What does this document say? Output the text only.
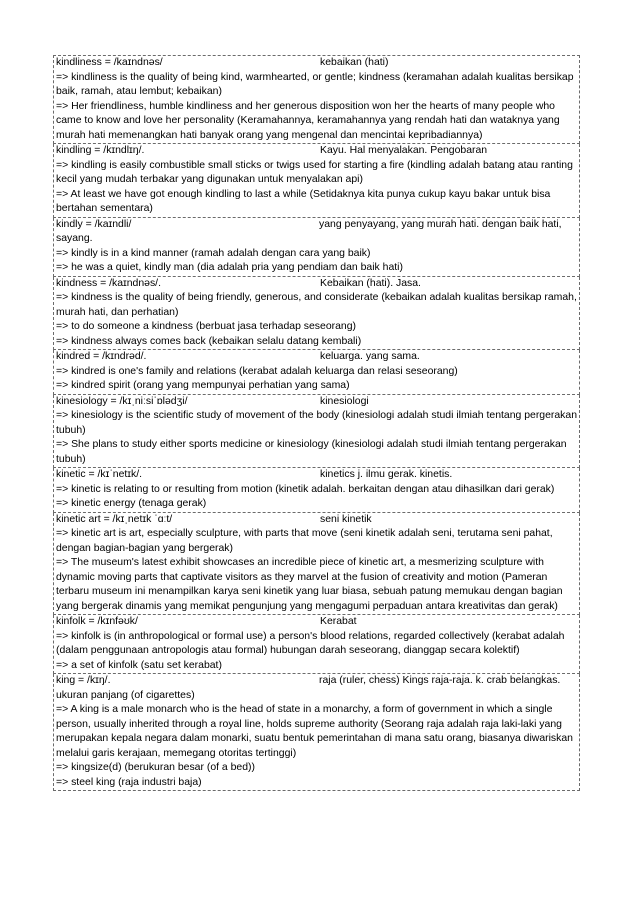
kindliness = /kaɪndnəs/	kebaikan (hati)
=> kindliness is the quality of being kind, warmhearted, or gentle; kindness (keramahan adalah kualitas bersikap baik, ramah, atau lembut; kebaikan)
=> Her friendliness, humble kindliness and her generous disposition won her the hearts of many people who came to know and love her personality (Keramahannya, keramahannya yang rendah hati dan wataknya yang murah hati memenangkan hati banyak orang yang mengenal dan mencintai kepribadiannya)
kindling = /kɪndlɪŋ/.	Kayu. Hal menyalakan. Pengobaran
=> kindling is easily combustible small sticks or twigs used for starting a fire (kindling adalah batang atau ranting kecil yang mudah terbakar yang digunakan untuk menyalakan api)
=> At least we have got enough kindling to last a while (Setidaknya kita punya cukup kayu bakar untuk bisa bertahan sementara)
kindly = /kaɪndli/	yang penyayang, yang murah hati. dengan baik hati, sayang.
=> kindly is in a kind manner (ramah adalah dengan cara yang baik)
=> he was a quiet, kindly man (dia adalah pria yang pendiam dan baik hati)
kindness = /kaɪndnəs/.	Kebaikan (hati). Jasa.
=> kindness is the quality of being friendly, generous, and considerate (kebaikan adalah kualitas bersikap ramah, murah hati, dan perhatian)
=> to do someone a kindness (berbuat jasa terhadap seseorang)
=> kindness always comes back (kebaikan selalu datang kembali)
kindred = /kɪndrəd/.	keluarga. yang sama.
=> kindred is one's family and relations (kerabat adalah keluarga dan relasi seseorang)
=> kindred spirit (orang yang mempunyai perhatian yang sama)
kinesiology = /kɪˌniːsiˈɒlədʒi/	kinesiologi
=> kinesiology is the scientific study of movement of the body (kinesiologi adalah studi ilmiah tentang pergerakan tubuh)
=> She plans to study either sports medicine or kinesiology (kinesiologi adalah studi ilmiah tentang pergerakan tubuh)
kinetic = /kɪˈnetɪk/.	kinetics j. ilmu gerak. kinetis.
=> kinetic is relating to or resulting from motion (kinetik adalah. berkaitan dengan atau dihasilkan dari gerak)
=> kinetic energy (tenaga gerak)
kinetic art = /kɪˌnetɪk ˈɑːt/	seni kinetik
=> kinetic art is art, especially sculpture, with parts that move (seni kinetik adalah seni, terutama seni pahat, dengan bagian-bagian yang bergerak)
=> The museum's latest exhibit showcases an incredible piece of kinetic art, a mesmerizing sculpture with dynamic moving parts that captivate visitors as they marvel at the fusion of creativity and motion (Pameran terbaru museum ini menampilkan karya seni kinetik yang luar biasa, sebuah patung memukau dengan bagian yang bergerak dinamis yang memikat pengunjung yang mengagumi perpaduan antara kreativitas dan gerak)
kinfolk = /kɪnfəʊk/	Kerabat
=> kinfolk is (in anthropological or formal use) a person's blood relations, regarded collectively (kerabat adalah (dalam penggunaan antropologis atau formal) hubungan darah seseorang, dianggap secara kolektif)
=> a set of kinfolk (satu set kerabat)
king = /kɪŋ/.	raja (ruler, chess) Kings raja-raja. k. crab belangkas. ukuran panjang (of cigarettes)
=> A king is a male monarch who is the head of state in a monarchy, a form of government in which a single person, usually inherited through a royal line, holds supreme authority (Seorang raja adalah raja laki-laki yang merupakan kepala negara dalam monarki, suatu bentuk pemerintahan di mana satu orang, biasanya diwariskan melalui garis kerajaan, memegang otoritas tertinggi)
=> kingsize(d) (berukuran besar (of a bed))
=> steel king (raja industri baja)
